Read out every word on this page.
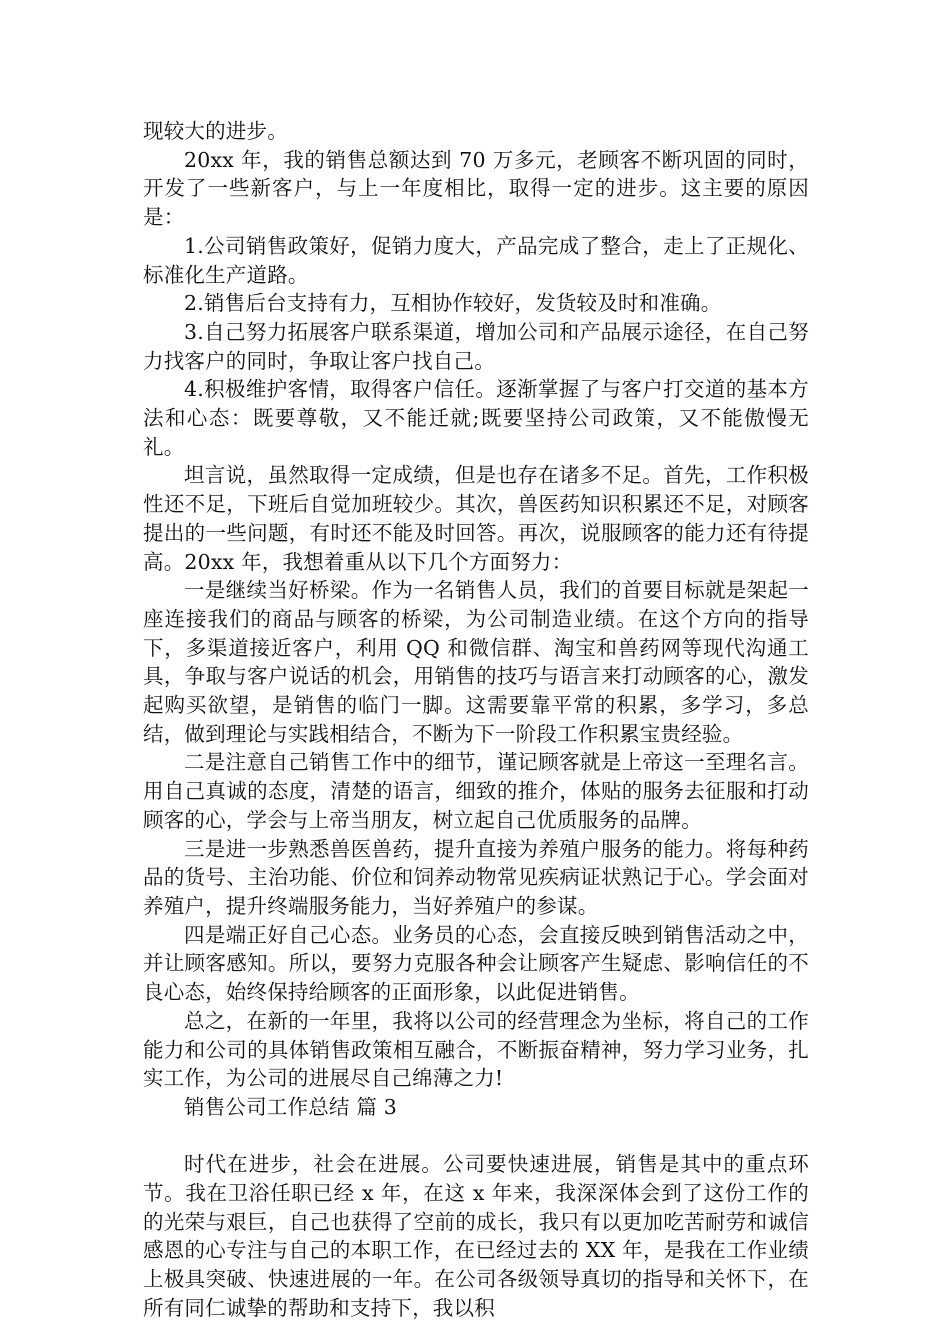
现较大的进步。

20xx 年，我的销售总额达到 70 万多元，老顾客不断巩固的同时，开发了一些新客户，与上一年度相比，取得一定的进步。这主要的原因是：

1.公司销售政策好，促销力度大，产品完成了整合，走上了正规化、标准化生产道路。

2.销售后台支持有力，互相协作较好，发货较及时和准确。

3.自己努力拓展客户联系渠道，增加公司和产品展示途径，在自己努力找客户的同时，争取让客户找自己。

4.积极维护客情，取得客户信任。逐渐掌握了与客户打交道的基本方法和心态：既要尊敬，又不能迁就;既要坚持公司政策，又不能傲慢无礼。

坦言说，虽然取得一定成绩，但是也存在诸多不足。首先，工作积极性还不足，下班后自觉加班较少。其次，兽医药知识积累还不足，对顾客提出的一些问题，有时还不能及时回答。再次，说服顾客的能力还有待提高。20xx 年，我想着重从以下几个方面努力：

一是继续当好桥梁。作为一名销售人员，我们的首要目标就是架起一座连接我们的商品与顾客的桥梁，为公司制造业绩。在这个方向的指导下，多渠道接近客户，利用 QQ 和微信群、淘宝和兽药网等现代沟通工具，争取与客户说话的机会，用销售的技巧与语言来打动顾客的心，激发起购买欲望，是销售的临门一脚。这需要靠平常的积累，多学习，多总结，做到理论与实践相结合，不断为下一阶段工作积累宝贵经验。

二是注意自己销售工作中的细节，谨记顾客就是上帝这一至理名言。用自己真诚的态度，清楚的语言，细致的推介，体贴的服务去征服和打动顾客的心，学会与上帝当朋友，树立起自己优质服务的品牌。

三是进一步熟悉兽医兽药，提升直接为养殖户服务的能力。将每种药品的货号、主治功能、价位和饲养动物常见疾病证状熟记于心。学会面对养殖户，提升终端服务能力，当好养殖户的参谋。

四是端正好自己心态。业务员的心态，会直接反映到销售活动之中，并让顾客感知。所以，要努力克服各种会让顾客产生疑虑、影响信任的不良心态，始终保持给顾客的正面形象，以此促进销售。

总之，在新的一年里，我将以公司的经营理念为坐标，将自己的工作能力和公司的具体销售政策相互融合，不断振奋精神，努力学习业务，扎实工作，为公司的进展尽自己绵薄之力!

销售公司工作总结 篇 3

时代在进步，社会在进展。公司要快速进展，销售是其中的重点环节。我在卫浴任职已经 x 年，在这 x 年来，我深深体会到了这份工作的的光荣与艰巨，自己也获得了空前的成长，我只有以更加吃苦耐劳和诚信感恩的心专注与自己的本职工作，在已经过去的 XX 年，是我在工作业绩上极具突破、快速进展的一年。在公司各级领导真切的指导和关怀下，在所有同仁诚挚的帮助和支持下，我以积
